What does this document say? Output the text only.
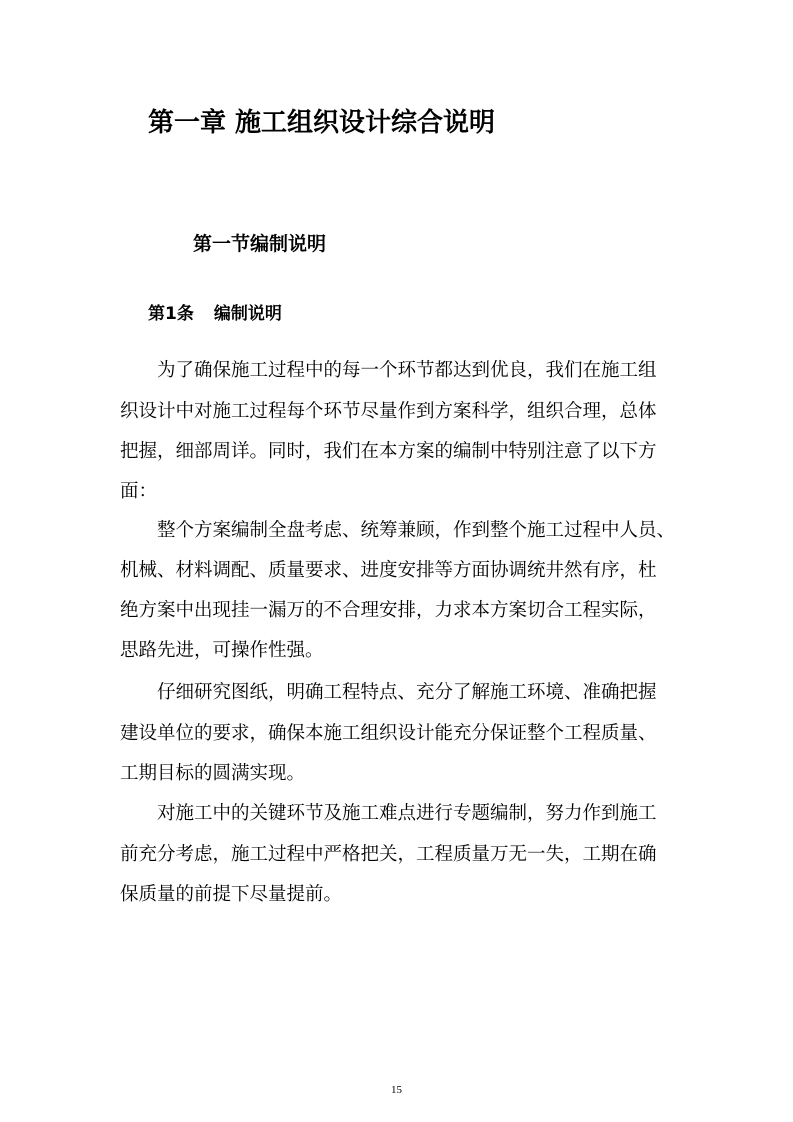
第一章 施工组织设计综合说明
第一节编制说明
第1条 编制说明
为了确保施工过程中的每一个环节都达到优良，我们在施工组
织设计中对施工过程每个环节尽量作到方案科学，组织合理，总体
把握，细部周详。同时，我们在本方案的编制中特别注意了以下方
面：
整个方案编制全盘考虑、统筹兼顾，作到整个施工过程中人员、
机械、材料调配、质量要求、进度安排等方面协调统井然有序，杜
绝方案中出现挂一漏万的不合理安排，力求本方案切合工程实际，
思路先进，可操作性强。
仔细研究图纸，明确工程特点、充分了解施工环境、准确把握
建设单位的要求，确保本施工组织设计能充分保证整个工程质量、
工期目标的圆满实现。
对施工中的关键环节及施工难点进行专题编制，努力作到施工
前充分考虑，施工过程中严格把关，工程质量万无一失，工期在确
保质量的前提下尽量提前。
15
